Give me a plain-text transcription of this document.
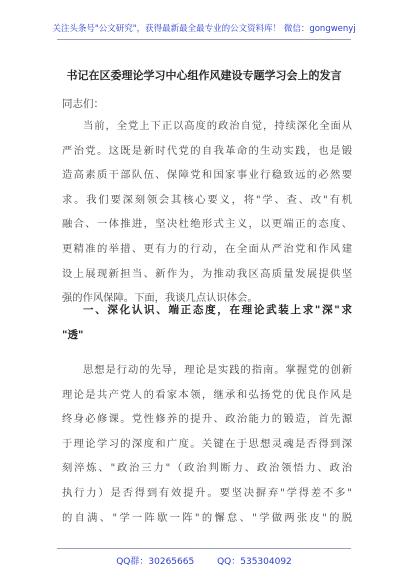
关注头条号"公文研究"，获得最新最全最专业的公文资料库！ 微信：gongwenyj
书记在区委理论学习中心组作风建设专题学习会上的发言
同志们：
当前，全党上下正以高度的政治自觉，持续深化全面从
严治党。这既是新时代党的自我革命的生动实践，也是锻
造高素质干部队伍、保障党和国家事业行稳致远的必然要
求。我们要深刻领会其核心要义，将"学、查、改"有机
融合、一体推进，坚决杜绝形式主义，以更端正的态度、
更精准的举措、更有力的行动，在全面从严治党和作风建
设上展现新担当、新作为，为推动我区高质量发展提供坚
强的作风保障。下面，我谈几点认识体会。
一、深化认识、端正态度，在理论武装上求"深"求
"透"
思想是行动的先导，理论是实践的指南。掌握党的创新
理论是共产党人的看家本领，继承和弘扬党的优良作风是
终身必修课。党性修养的提升、政治能力的锻造，首先源
于理论学习的深度和广度。关键在于思想灵魂是否得到深
刻淬炼、"政治三力"（政治判断力、政治领悟力、政治
执行力）是否得到有效提升。要坚决摒弃"学得差不多"
的自满、"学一阵歇一阵"的懈怠、"学做两张皮"的脱
QQ群：30265665	QQ：535304092
